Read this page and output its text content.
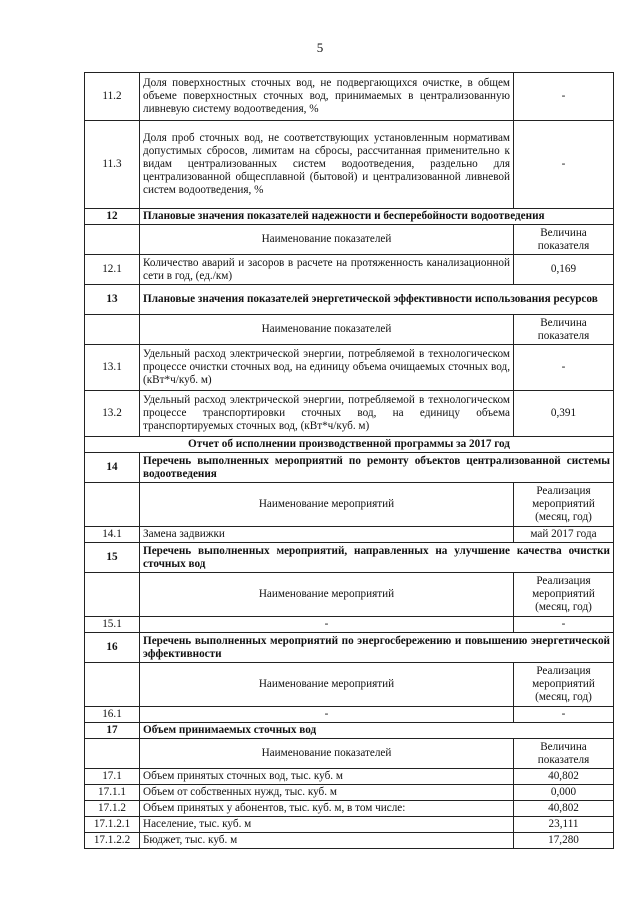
5
11.2	Доля поверхностных сточных вод, не подвергающихся очистке, в общем объеме поверхностных сточных вод, принимаемых в централизованную ливневую систему водоотведения, %	-
11.3	Доля проб сточных вод, не соответствующих установленным нормативам допустимых сбросов, лимитам на сбросы, рассчитанная применительно к видам централизованных систем водоотведения, раздельно для централизованной общесплавной (бытовой) и централизованной ливневой систем водоотведения, %	-
12	Плановые значения показателей надежности и бесперебойности водоотведения	
	Наименование показателей	Величина показателя
12.1	Количество аварий и засоров в расчете на протяженность канализационной сети в год, (ед./км)	0,169
13	Плановые значения показателей энергетической эффективности использования ресурсов	
	Наименование показателей	Величина показателя
13.1	Удельный расход электрической энергии, потребляемой в технологическом процессе очистки сточных вод, на единицу объема очищаемых сточных вод, (кВт*ч/куб. м)	-
13.2	Удельный расход электрической энергии, потребляемой в технологическом процессе транспортировки сточных вод, на единицу объема транспортируемых сточных вод, (кВт*ч/куб. м)	0,391
Отчет об исполнении производственной программы за 2017 год		
14	Перечень выполненных мероприятий по ремонту объектов централизованной системы водоотведения	
	Наименование мероприятий	Реализация мероприятий (месяц, год)
14.1	Замена задвижки	май 2017 года
15	Перечень выполненных мероприятий, направленных на улучшение качества очистки сточных вод	
	Наименование мероприятий	Реализация мероприятий (месяц, год)
15.1	-	-
16	Перечень выполненных мероприятий по энергосбережению и повышению энергетической эффективности	
	Наименование мероприятий	Реализация мероприятий (месяц, год)
16.1	-	-
17	Объем принимаемых сточных вод	
	Наименование показателей	Величина показателя
17.1	Объем принятых сточных вод, тыс. куб. м	40,802
17.1.1	Объем от собственных нужд, тыс. куб. м	0,000
17.1.2	Объем принятых у абонентов, тыс. куб. м, в том числе:	40,802
17.1.2.1	Население, тыс. куб. м	23,111
17.1.2.2	Бюджет, тыс. куб. м	17,280
